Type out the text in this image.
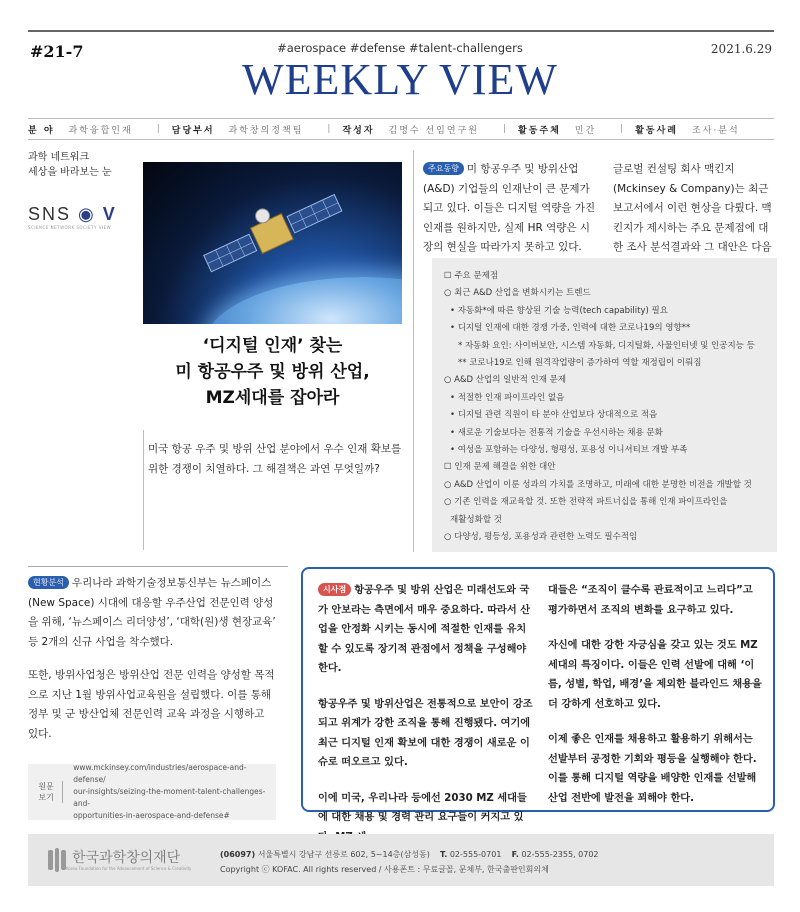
#21-7	#aerospace #defense #talent-challengers	2021.6.29
WEEKLY VIEW
분 야 과학융합인재	| 담당부서 과학창의정책팀	| 작성자 김명수 선임연구원	| 활동주체 민간	| 활동사례 조사·분석
과학 네트워크
세상을 바라보는 눈
SNS ◉ V
SCIENCE NETWORK SOCIETY VIEW
‘디지털 인재’ 찾는
미 항공우주 및 방위 산업,
MZ세대를 잡아라
미국 항공 우주 및 방위 산업 분야에서 우수 인재 확보를 위한 경쟁이 치열하다. 그 해결책은 과연 무엇일까?
주요동향 미 항공우주 및 방위산업(A&D) 기업들의 인재난이 큰 문제가 되고 있다. 이들은 디지털 역량을 가진 인재를 원하지만, 실제 HR 역량은 시장의 현실을 따라가지 못하고 있다.
글로벌 컨설팅 회사 맥킨지(Mckinsey & Company)는 최근 보고서에서 이런 현상을 다뤘다. 맥킨지가 제시하는 주요 문제점에 대한 조사 분석결과와 그 대안은 다음
☐ 주요 문제점
○ 최근 A&D 산업을 변화시키는 트렌드
• 자동화*에 따른 향상된 기술 능력(tech capability) 필요
• 디지털 인재에 대한 경쟁 가중, 인력에 대한 코로나19의 영향**
* 자동화 요인: 사이버보안, 시스템 자동화, 디지털화, 사물인터넷 및 인공지능 등
** 코로나19로 인해 원격작업량이 증가하여 역할 재정립이 이뤄짐
○ A&D 산업의 일반적 인재 문제
• 적절한 인재 파이프라인 없음
• 디지털 관련 직원이 타 분야 산업보다 상대적으로 적음
• 새로운 기술보다는 전통적 기술을 우선시하는 채용 문화
• 여성을 포함하는 다양성, 형평성, 포용성 이니셔티브 개발 부족
☐ 인재 문제 해결을 위한 대안
○ A&D 산업이 이룬 성과의 가치를 조명하고, 미래에 대한 분명한 비전을 개발할 것
○ 기존 인력을 재교육할 것. 또한 전략적 파트너십을 통해 인재 파이프라인을
재활성화할 것
○ 다양성, 평등성, 포용성과 관련한 노력도 필수적임
현황분석 우리나라 과학기술정보통신부는 뉴스페이스(New Space) 시대에 대응할 우주산업 전문인력 양성을 위해, ‘뉴스페이스 리더양성’, ‘대학(원)생 현장교육’ 등 2개의 신규 사업을 착수했다.
또한, 방위사업청은 방위산업 전문 인력을 양성할 목적으로 지난 1월 방위사업교육원을 설립했다. 이를 통해 정부 및 군 방산업체 전문인력 교육 과정을 시행하고 있다.
원문
보기
www.mckinsey.com/industries/aerospace-and-defense/
our-insights/seizing-the-moment-talent-challenges-and-
opportunities-in-aerospace-and-defense#
시사점 항공우주 및 방위 산업은 미래선도와 국가 안보라는 측면에서 매우 중요하다. 따라서 산업을 안정화 시키는 동시에 적절한 인재를 유치할 수 있도록 장기적 관점에서 정책을 구성해야 한다.
항공우주 및 방위산업은 전통적으로 보안이 강조되고 위계가 강한 조직을 통해 진행됐다. 여기에 최근 디지털 인재 확보에 대한 경쟁이 새로운 이슈로 떠오르고 있다.
이에 미국, 우리나라 등에선 2030 MZ 세대들에 대한 채용 및 경력 관리 요구들이 커지고 있
대들은 “조직이 클수록 관료적이고 느리다”고 평가하면서 조직의 변화를 요구하고 있다.
자신에 대한 강한 자긍심을 갖고 있는 것도 MZ 세대의 특징이다. 이들은 인력 선발에 대해 ‘이름, 성별, 학업, 배경’을 제외한 블라인드 채용을 더 강하게 선호하고 있다.
이제 좋은 인재를 채용하고 활용하기 위해서는 선발부터 공정한 기회와 평등을 실행해야 한다. 이를 통해 디지털 역량을 배양한 인재를 선발해 산업 전반에 발전을 꾀해야 한다.
한국과학창의재단
Korea Foundation for the Advancement of Science & Creativity
(06097) 서울특별시 강남구 선릉로 602, 5~14층(삼성동) T. 02-555-0701 F. 02-555-2355, 0702
Copyright ⓒ KOFAC. All rights reserved / 사용폰트 : 무료글꼴, 문체부, 한국출판인회의체
